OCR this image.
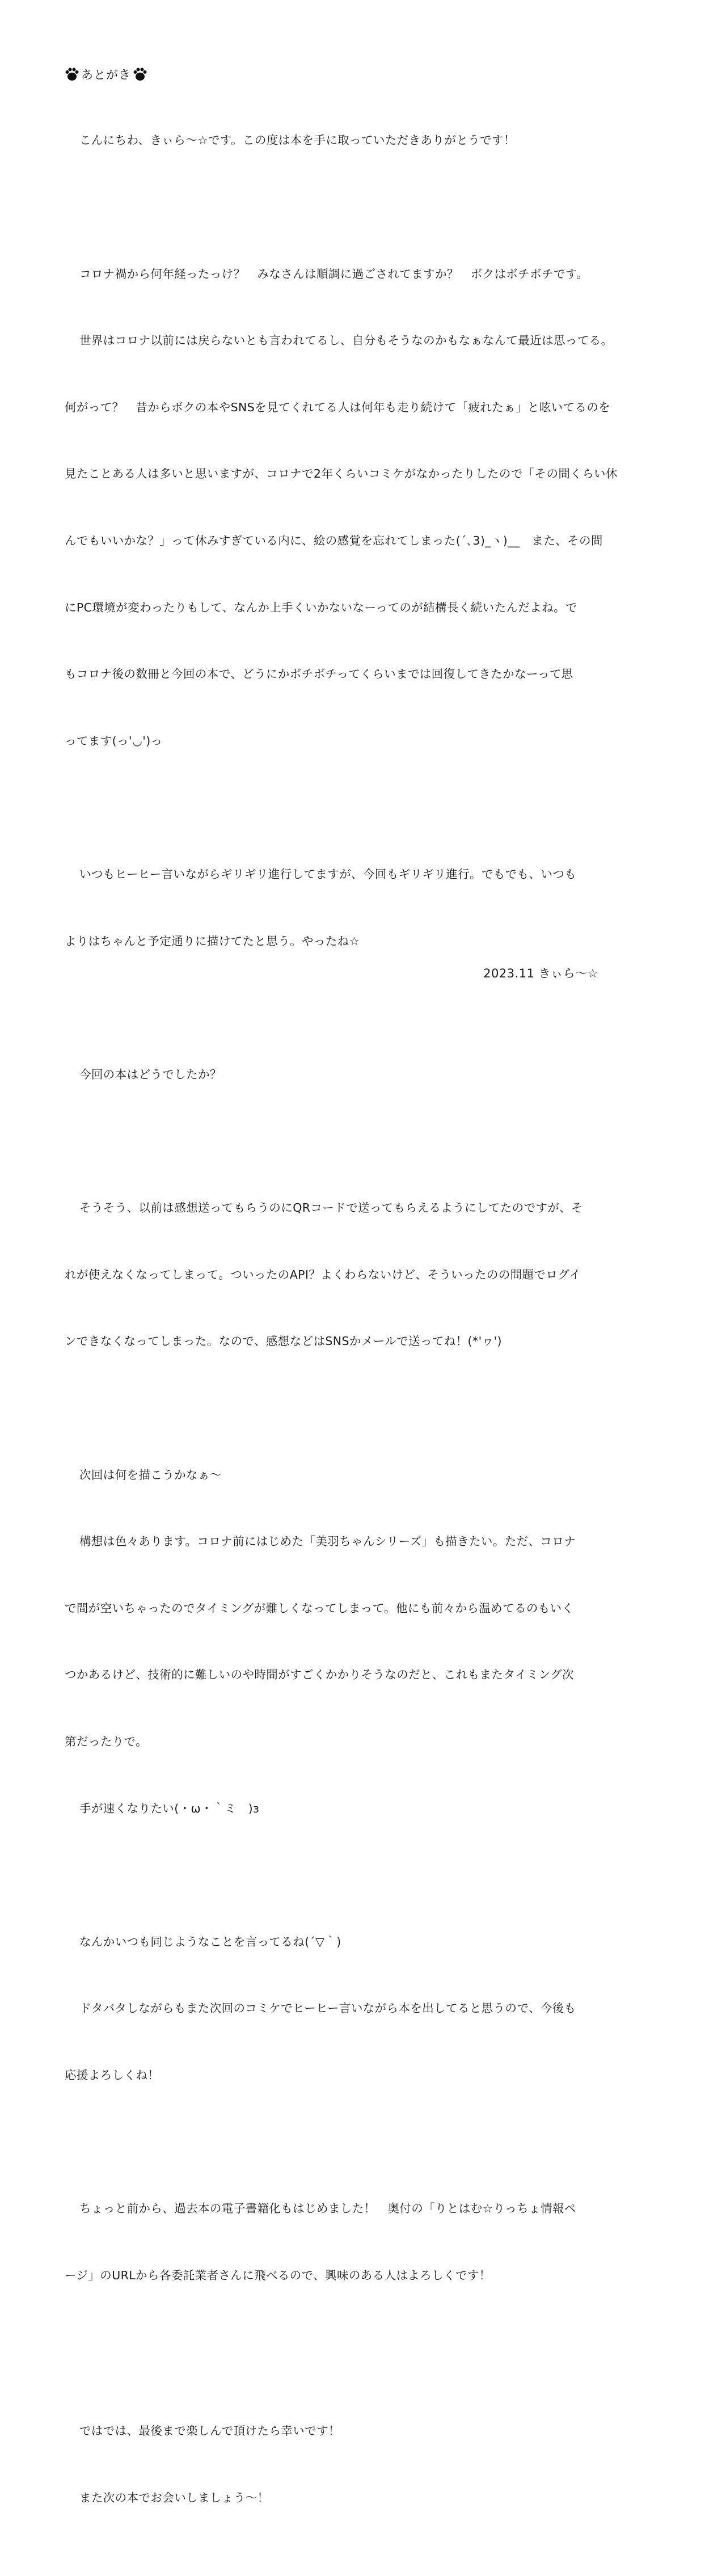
あとがき

こんにちわ、きぃら〜☆です。この度は本を手に取っていただきありがとうです！

コロナ禍から何年経ったっけ？　みなさんは順調に過ごされてますか？　ボクはボチボチです。

世界はコロナ以前には戻らないとも言われてるし、自分もそうなのかもなぁなんて最近は思ってる。

何がって？　昔からボクの本やSNSを見てくれてる人は何年も走り続けて「疲れたぁ」と呟いてるのを

見たことある人は多いと思いますが、コロナで2年くらいコミケがなかったりしたので「その間くらい休

んでもいいかな？」って休みすぎている内に、絵の感覚を忘れてしまった(´､3)_ヽ)__　また、その間

にPC環境が変わったりもして、なんか上手くいかないなーってのが結構長く続いたんだよね。で

もコロナ後の数冊と今回の本で、どうにかボチボチってくらいまでは回復してきたかなーって思

ってます(っ'◡')っ

いつもヒーヒー言いながらギリギリ進行してますが、今回もギリギリ進行。でもでも、いつも

よりはちゃんと予定通りに描けてたと思う。やったね☆

今回の本はどうでしたか？

そうそう、以前は感想送ってもらうのにQRコードで送ってもらえるようにしてたのですが、そ

れが使えなくなってしまって。ついったのAPI？よくわらないけど、そういったのの問題でログイ

ンできなくなってしまった。なので、感想などはSNSかメールで送ってね！(*'ヮ')

次回は何を描こうかなぁ〜

構想は色々あります。コロナ前にはじめた「美羽ちゃんシリーズ」も描きたい。ただ、コロナ

で間が空いちゃったのでタイミングが難しくなってしまって。他にも前々から温めてるのもいく

つかあるけど、技術的に難しいのや時間がすごくかかりそうなのだと、これもまたタイミング次

第だったりで。

手が速くなりたい(・ω・｀ミ　)з

なんかいつも同じようなことを言ってるね(´▽｀)

ドタバタしながらもまた次回のコミケでヒーヒー言いながら本を出してると思うので、今後も

応援よろしくね！

ちょっと前から、過去本の電子書籍化もはじめました！　奥付の「りとはむ☆りっちょ情報ペ

ージ」のURLから各委託業者さんに飛べるので、興味のある人はよろしくです！

ではでは、最後まで楽しんで頂けたら幸いです！

また次の本でお会いしましょう〜！

2023.11 きぃら〜☆
